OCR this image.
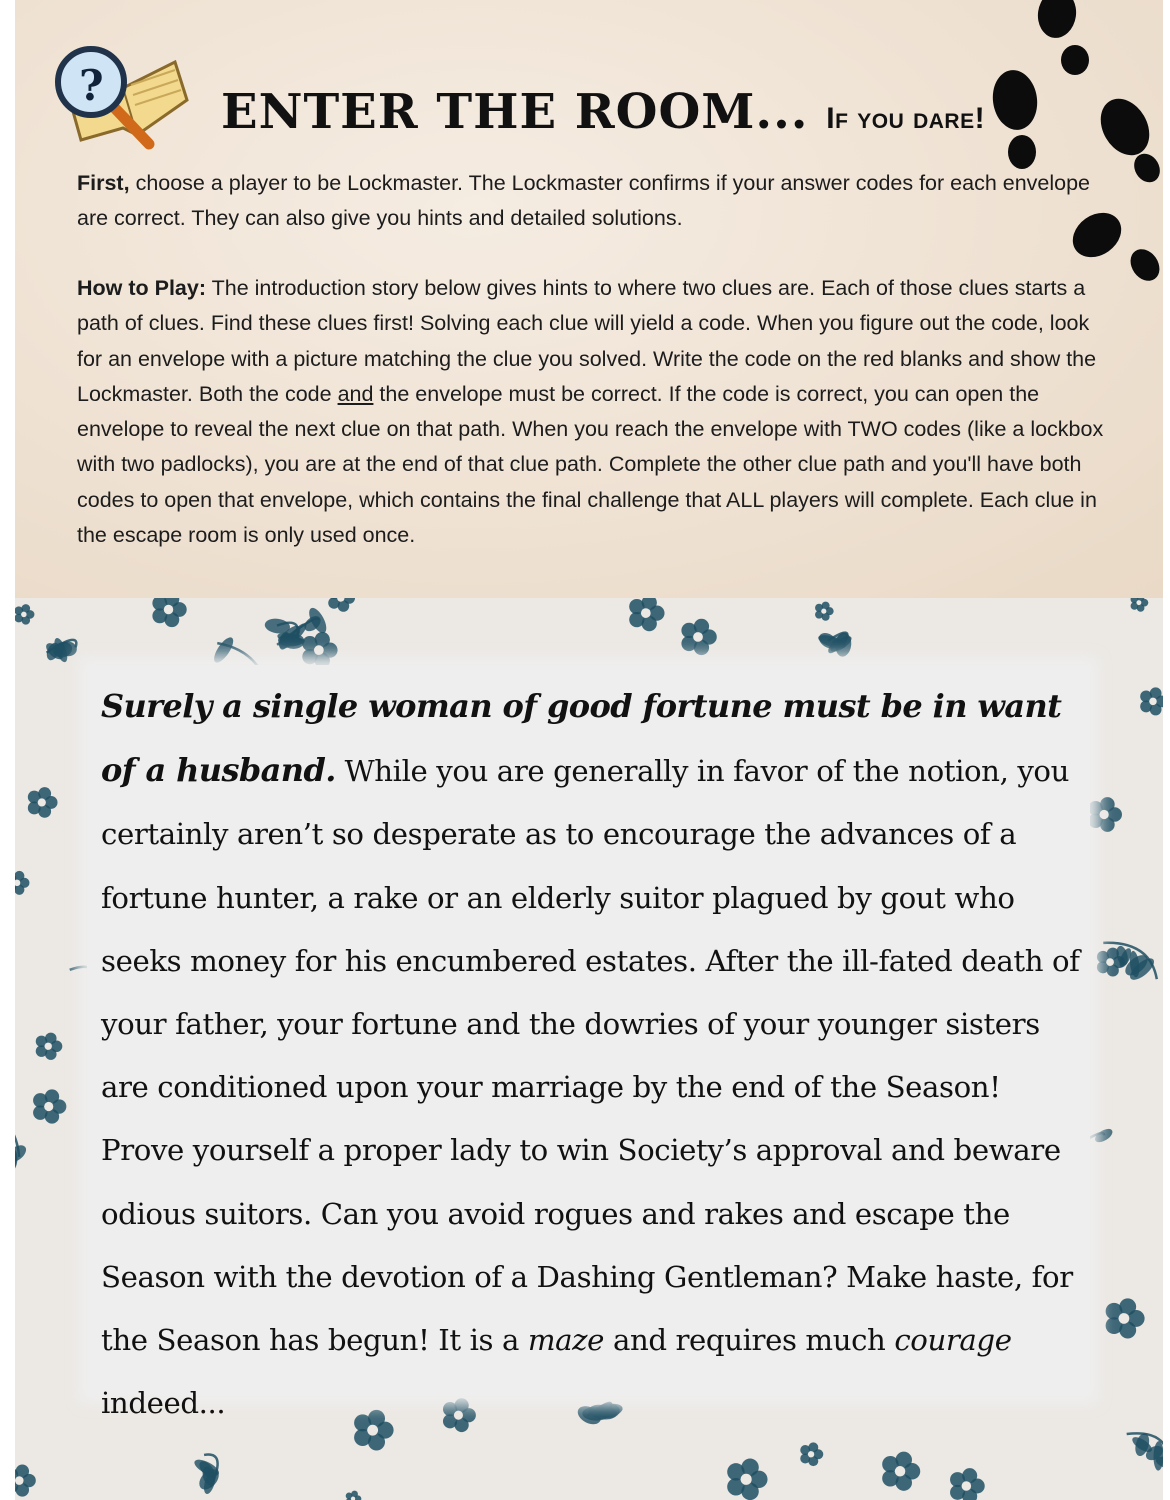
? ENTER THE ROOM... If you dare!

First, choose a player to be Lockmaster. The Lockmaster confirms if your answer codes for each envelope are correct. They can also give you hints and detailed solutions.

How to Play: The introduction story below gives hints to where two clues are. Each of those clues starts a path of clues. Find these clues first! Solving each clue will yield a code. When you figure out the code, look for an envelope with a picture matching the clue you solved. Write the code on the red blanks and show the Lockmaster. Both the code and the envelope must be correct. If the code is correct, you can open the envelope to reveal the next clue on that path. When you reach the envelope with TWO codes (like a lockbox with two padlocks), you are at the end of that clue path. Complete the other clue path and you'll have both codes to open that envelope, which contains the final challenge that ALL players will complete. Each clue in the escape room is only used once.

Surely a single woman of good fortune must be in want of a husband. While you are generally in favor of the notion, you certainly aren’t so desperate as to encourage the advances of a fortune hunter, a rake or an elderly suitor plagued by gout who seeks money for his encumbered estates. After the ill-fated death of your father, your fortune and the dowries of your younger sisters are conditioned upon your marriage by the end of the Season! Prove yourself a proper lady to win Society’s approval and beware odious suitors. Can you avoid rogues and rakes and escape the Season with the devotion of a Dashing Gentleman? Make haste, for the Season has begun! It is a maze and requires much courage indeed...
